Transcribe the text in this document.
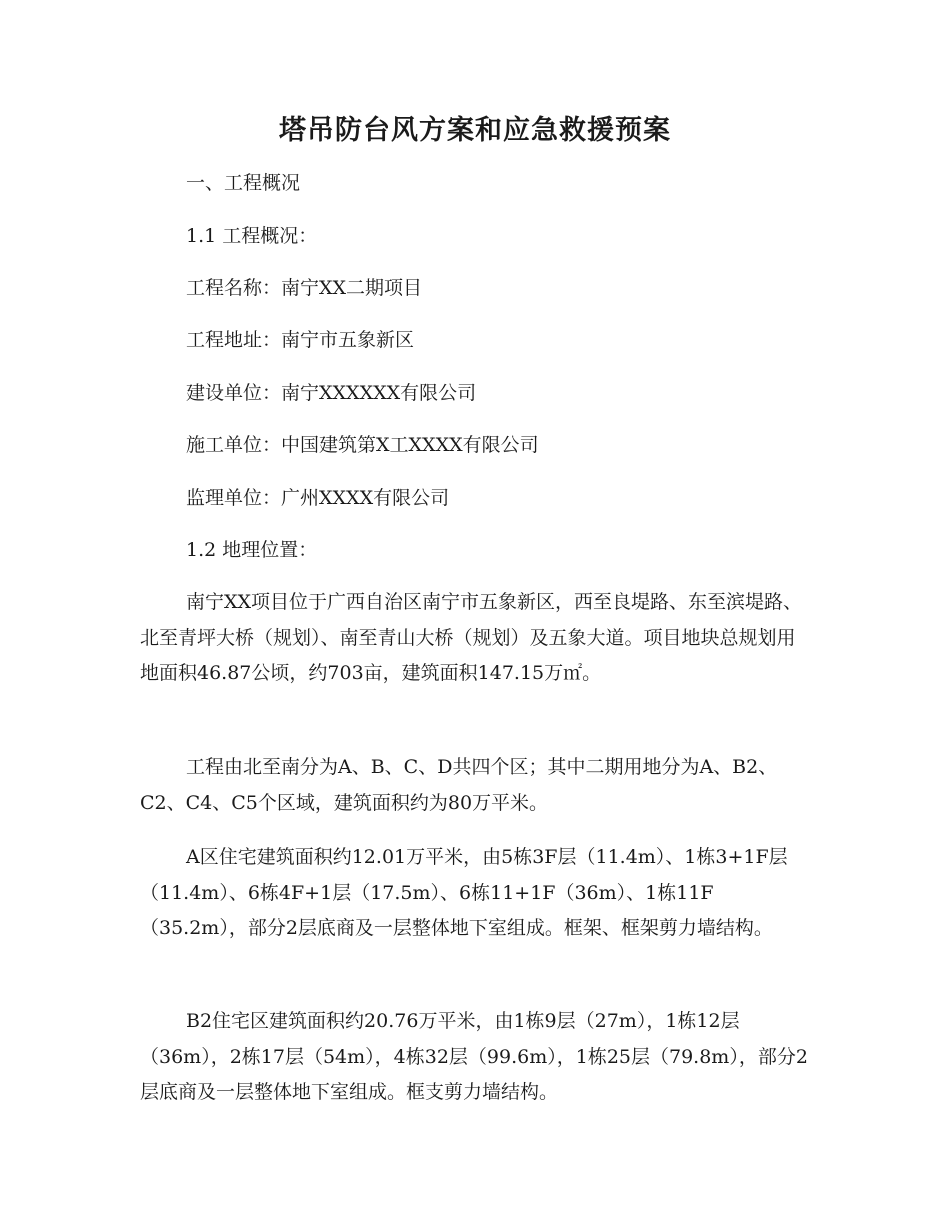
塔吊防台风方案和应急救援预案

一、工程概况

1.1 工程概况：

工程名称：南宁XX二期项目

工程地址：南宁市五象新区

建设单位：南宁XXXXXX有限公司

施工单位：中国建筑第X工XXXX有限公司

监理单位：广州XXXX有限公司

1.2 地理位置：

南宁XX项目位于广西自治区南宁市五象新区，西至良堤路、东至滨堤路、北至青坪大桥（规划）、南至青山大桥（规划）及五象大道。项目地块总规划用地面积46.87公顷，约703亩，建筑面积147.15万㎡。

工程由北至南分为A、B、C、D共四个区；其中二期用地分为A、B2、C2、C4、C5个区域，建筑面积约为80万平米。

A区住宅建筑面积约12.01万平米，由5栋3F层（11.4m）、1栋3+1F层（11.4m）、6栋4F+1层（17.5m）、6栋11+1F（36m）、1栋11F（35.2m），部分2层底商及一层整体地下室组成。框架、框架剪力墙结构。

B2住宅区建筑面积约20.76万平米，由1栋9层（27m），1栋12层（36m），2栋17层（54m），4栋32层（99.6m），1栋25层（79.8m），部分2层底商及一层整体地下室组成。框支剪力墙结构。
